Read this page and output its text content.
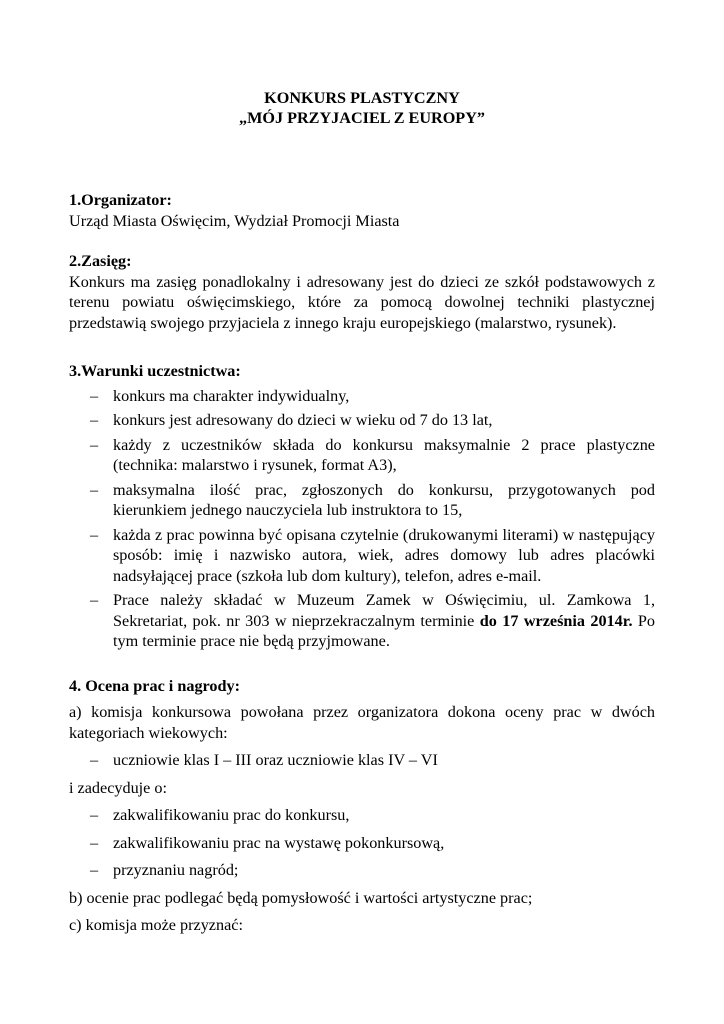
KONKURS PLASTYCZNY
„MÓJ PRZYJACIEL Z EUROPY”
1.Organizator:
Urząd Miasta Oświęcim, Wydział Promocji Miasta
2.Zasięg:
Konkurs ma zasięg ponadlokalny i adresowany jest do dzieci ze szkół podstawowych z terenu powiatu oświęcimskiego, które za pomocą dowolnej techniki plastycznej przedstawią swojego przyjaciela z innego kraju europejskiego (malarstwo, rysunek).
3.Warunki uczestnictwa:
– konkurs ma charakter indywidualny,
– konkurs jest adresowany do dzieci w wieku od 7 do 13 lat,
– każdy z uczestników składa do konkursu maksymalnie 2 prace plastyczne (technika: malarstwo i rysunek, format A3),
– maksymalna ilość prac, zgłoszonych do konkursu, przygotowanych pod kierunkiem jednego nauczyciela lub instruktora to 15,
– każda z prac powinna być opisana czytelnie (drukowanymi literami) w następujący sposób: imię i nazwisko autora, wiek, adres domowy lub adres placówki nadsyłającej prace (szkoła lub dom kultury), telefon, adres e-mail.
– Prace należy składać w Muzeum Zamek w Oświęcimiu, ul. Zamkowa 1, Sekretariat, pok. nr 303 w nieprzekraczalnym terminie do 17 września 2014r. Po tym terminie prace nie będą przyjmowane.
4. Ocena prac i nagrody:

a) komisja konkursowa powołana przez organizatora dokona oceny prac w dwóch kategoriach wiekowych:

– uczniowie klas I – III oraz uczniowie klas IV – VI

i zadecyduje o:

– zakwalifikowaniu prac do konkursu,
– zakwalifikowaniu prac na wystawę pokonkursową,
– przyznaniu nagród;

b) ocenie prac podlegać będą pomysłowość i wartości artystyczne prac;

c) komisja może przyznać:
